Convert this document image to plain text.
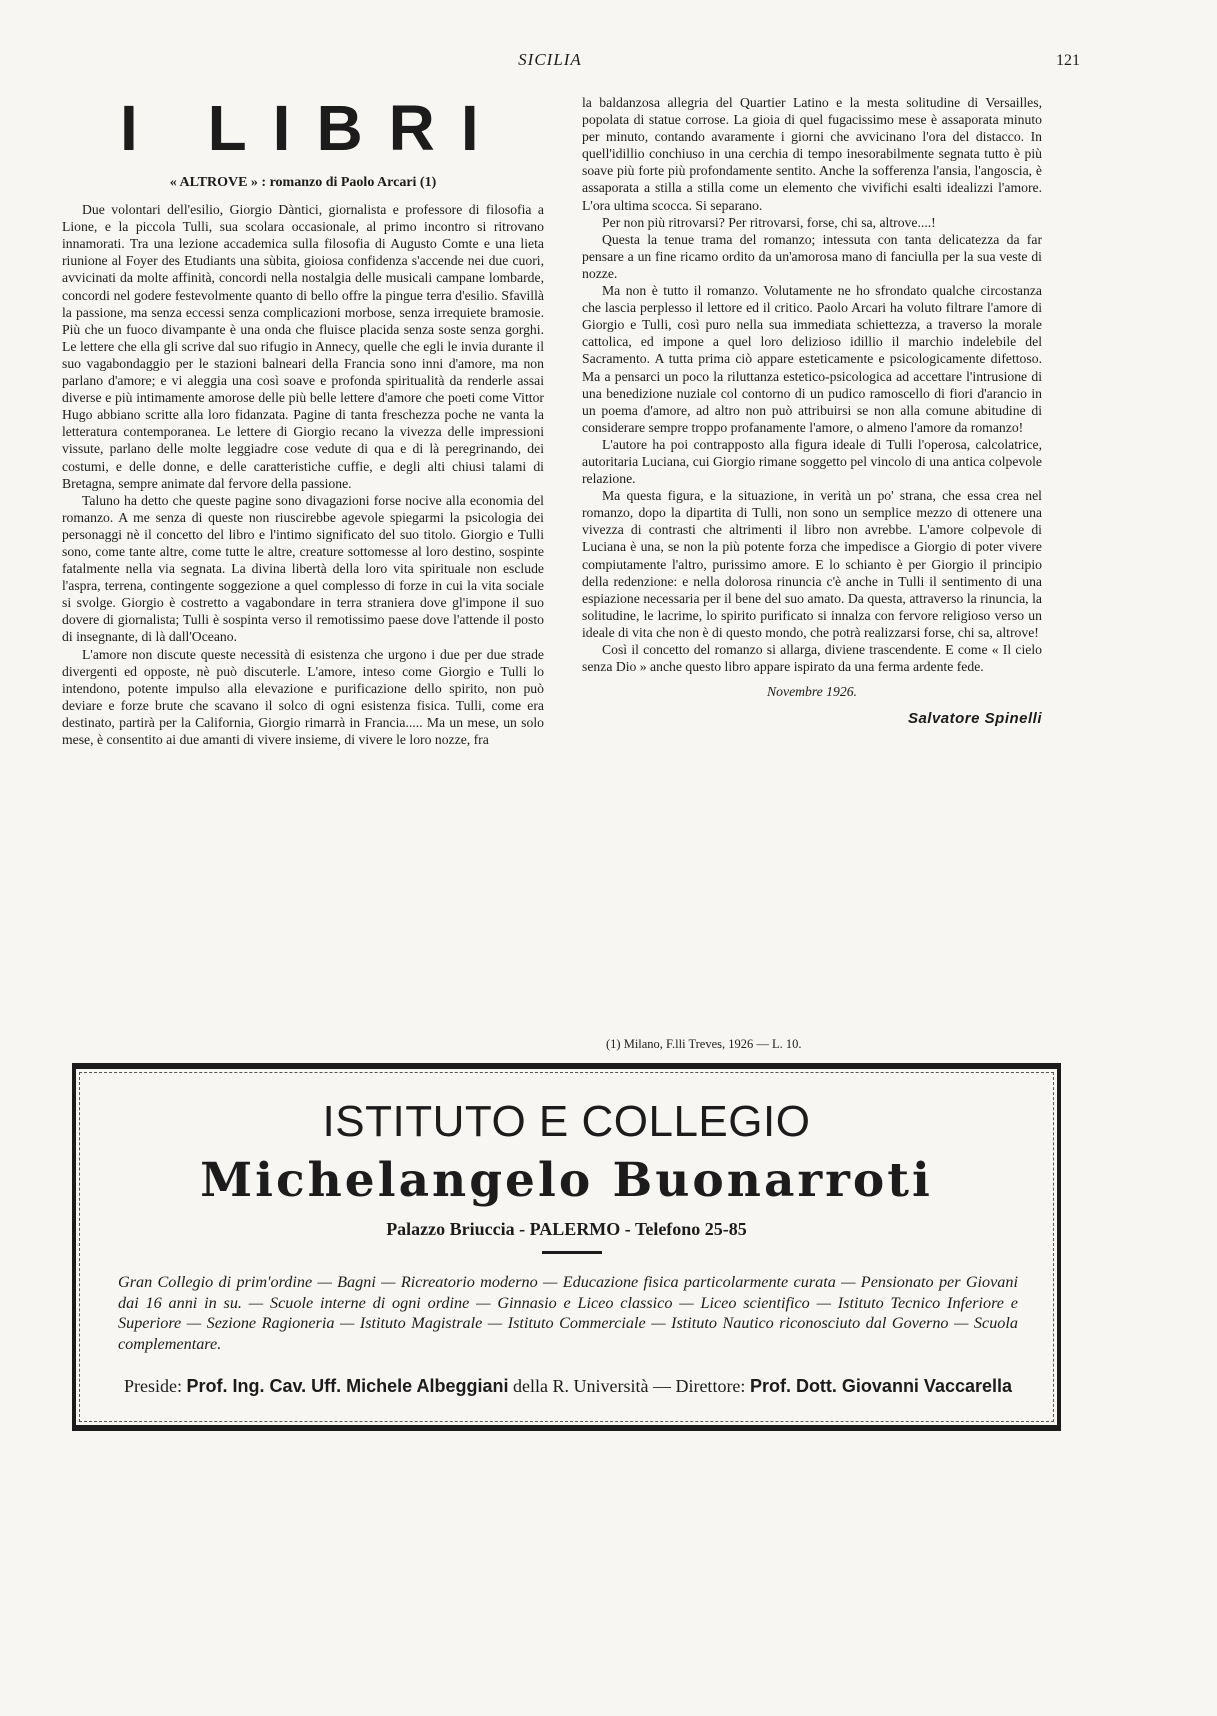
SICILIA	121
I LIBRI
« ALTROVE » : romanzo di Paolo Arcari (1)

Due volontari dell'esilio, Giorgio Dàntici, giornalista e professore di filosofia a Lione, e la piccola Tulli, sua scolara occasionale, al primo incontro si ritrovano innamorati. Tra una lezione accademica sulla filosofia di Augusto Comte e una lieta riunione al Foyer des Etudiants una sùbita, gioiosa confidenza s'accende nei due cuori, avvicinati da molte affinità, concordi nella nostalgia delle musicali campane lombarde, concordi nel godere festevolmente quanto di bello offre la pingue terra d'esilio. Sfavillà la passione, ma senza eccessi senza complicazioni morbose, senza irrequiete bramosie. Più che un fuoco divampante è una onda che fluisce placida senza soste senza gorghi. Le lettere che ella gli scrive dal suo rifugio in Annecy, quelle che egli le invia durante il suo vagabondaggio per le stazioni balneari della Francia sono inni d'amore, ma non parlano d'amore; e vi aleggia una così soave e profonda spiritualità da renderle assai diverse e più intimamente amorose delle più belle lettere d'amore che poeti come Vittor Hugo abbiano scritte alla loro fidanzata. Pagine di tanta freschezza poche ne vanta la letteratura contemporanea. Le lettere di Giorgio recano la vivezza delle impressioni vissute, parlano delle molte leggiadre cose vedute di qua e di là peregrinando, dei costumi, e delle donne, e delle caratteristiche cuffie, e degli alti chiusi talami di Bretagna, sempre animate dal fervore della passione.

Taluno ha detto che queste pagine sono divagazioni forse nocive alla economia del romanzo. A me senza di queste non riuscirebbe agevole spiegarmi la psicologia dei personaggi nè il concetto del libro e l'intimo significato del suo titolo. Giorgio e Tulli sono, come tante altre, come tutte le altre, creature sottomesse al loro destino, sospinte fatalmente nella via segnata. La divina libertà della loro vita spirituale non esclude l'aspra, terrena, contingente soggezione a quel complesso di forze in cui la vita sociale si svolge. Giorgio è costretto a vagabondare in terra straniera dove gl'impone il suo dovere di giornalista; Tulli è sospinta verso il remotissimo paese dove l'attende il posto di insegnante, di là dall'Oceano.

L'amore non discute queste necessità di esistenza che urgono i due per due strade divergenti ed opposte, nè può discuterle. L'amore, inteso come Giorgio e Tulli lo intendono, potente impulso alla elevazione e purificazione dello spirito, non può deviare e forze brute che scavano il solco di ogni esistenza fisica. Tulli, come era destinato, partirà per la California, Giorgio rimarrà in Francia..... Ma un mese, un solo mese, è consentito ai due amanti di vivere insieme, di vivere le loro nozze, fra

la baldanzosa allegria del Quartier Latino e la mesta solitudine di Versailles, popolata di statue corrose. La gioia di quel fugacissimo mese è assaporata minuto per minuto, contando avaramente i giorni che avvicinano l'ora del distacco. In quell'idillio conchiuso in una cerchia di tempo inesorabilmente segnata tutto è più soave più forte più profondamente sentito. Anche la sofferenza l'ansia, l'angoscia, è assaporata a stilla a stilla come un elemento che vivifichi esalti idealizzi l'amore. L'ora ultima scocca. Si separano.

Per non più ritrovarsi? Per ritrovarsi, forse, chi sa, altrove....!

Questa la tenue trama del romanzo; intessuta con tanta delicatezza da far pensare a un fine ricamo ordito da un'amorosa mano di fanciulla per la sua veste di nozze.

Ma non è tutto il romanzo. Volutamente ne ho sfrondato qualche circostanza che lascia perplesso il lettore ed il critico. Paolo Arcari ha voluto filtrare l'amore di Giorgio e Tulli, così puro nella sua immediata schiettezza, a traverso la morale cattolica, ed impone a quel loro delizioso idillio il marchio indelebile del Sacramento. A tutta prima ciò appare esteticamente e psicologicamente difettoso. Ma a pensarci un poco la riluttanza estetico-psicologica ad accettare l'intrusione di una benedizione nuziale col contorno di un pudico ramoscello di fiori d'arancio in un poema d'amore, ad altro non può attribuirsi se non alla comune abitudine di considerare sempre troppo profanamente l'amore, o almeno l'amore da romanzo!

L'autore ha poi contrapposto alla figura ideale di Tulli l'operosa, calcolatrice, autoritaria Luciana, cui Giorgio rimane soggetto pel vincolo di una antica colpevole relazione.

Ma questa figura, e la situazione, in verità un po' strana, che essa crea nel romanzo, dopo la dipartita di Tulli, non sono un semplice mezzo di ottenere una vivezza di contrasti che altrimenti il libro non avrebbe. L'amore colpevole di Luciana è una, se non la più potente forza che impedisce a Giorgio di poter vivere compiutamente l'altro, purissimo amore. E lo schianto è per Giorgio il principio della redenzione: e nella dolorosa rinuncia c'è anche in Tulli il sentimento di una espiazione necessaria per il bene del suo amato. Da questa, attraverso la rinuncia, la solitudine, le lacrime, lo spirito purificato si innalza con fervore religioso verso un ideale di vita che non è di questo mondo, che potrà realizzarsi forse, chi sa, altrove!

Così il concetto del romanzo si allarga, diviene trascendente. E come « Il cielo senza Dio » anche questo libro appare ispirato da una ferma ardente fede.

Novembre 1926.
Salvatore Spinelli
(1) Milano, F.lli Treves, 1926 — L. 10.
ISTITUTO E COLLEGIO
Michelangelo Buonarroti
Palazzo Briuccia - PALERMO - Telefono 25-85
Gran Collegio di prim'ordine — Bagni — Ricreatorio moderno — Educazione fisica particolarmente curata — Pensionato per Giovani dai 16 anni in su. — Scuole interne di ogni ordine — Ginnasio e Liceo classico — Liceo scientifico — Istituto Tecnico Inferiore e Superiore — Sezione Ragioneria — Istituto Magistrale — Istituto Commerciale — Istituto Nautico riconosciuto dal Governo — Scuola complementare.
Preside: Prof. Ing. Cav. Uff. Michele Albeggiani della R. Università — Direttore: Prof. Dott. Giovanni Vaccarella
